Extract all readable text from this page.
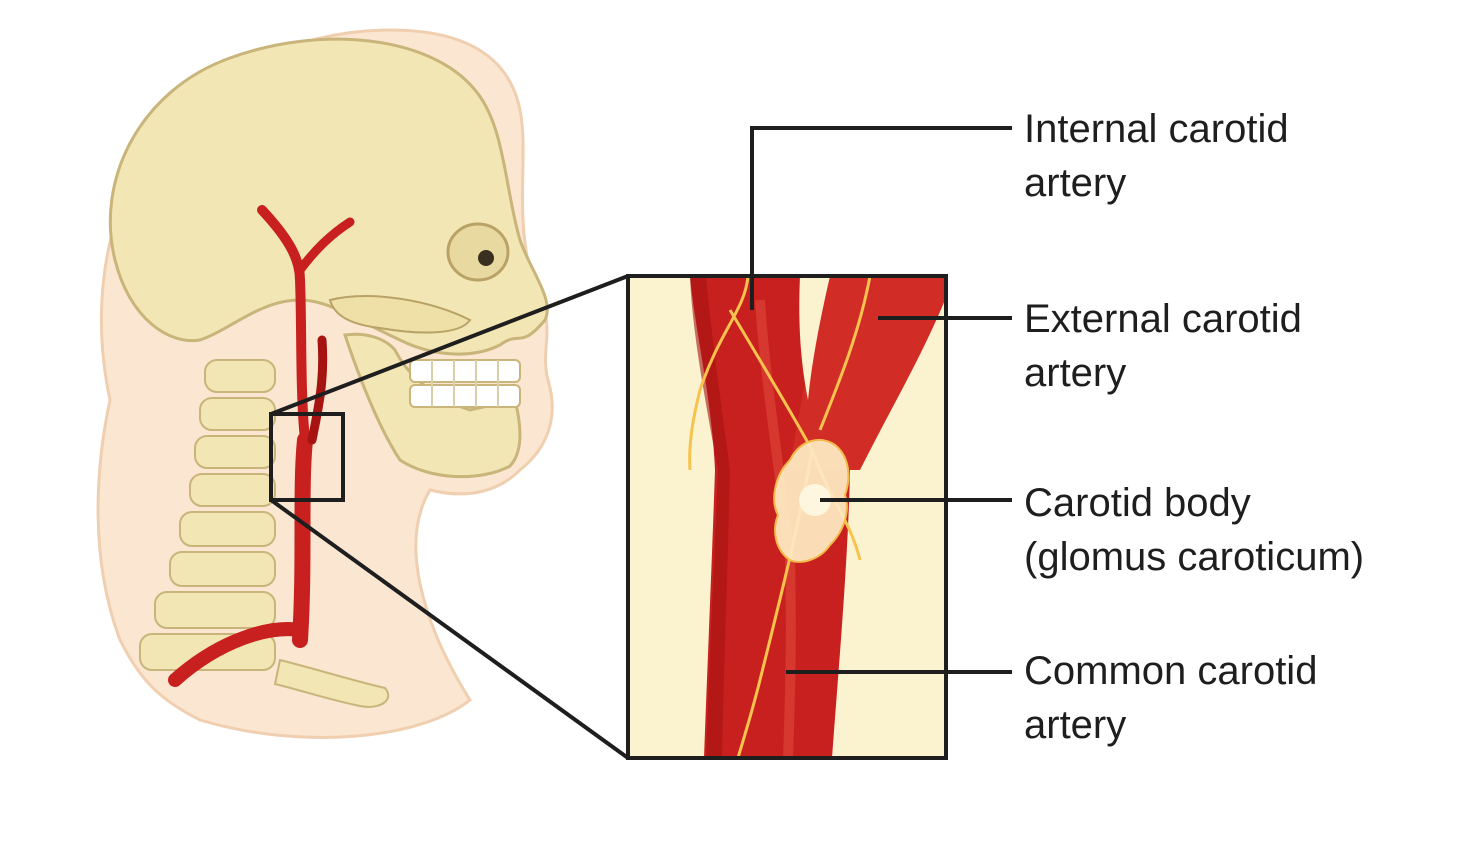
Internal carotid
artery
External carotid
artery
Carotid body
(glomus caroticum)
Common carotid
artery
